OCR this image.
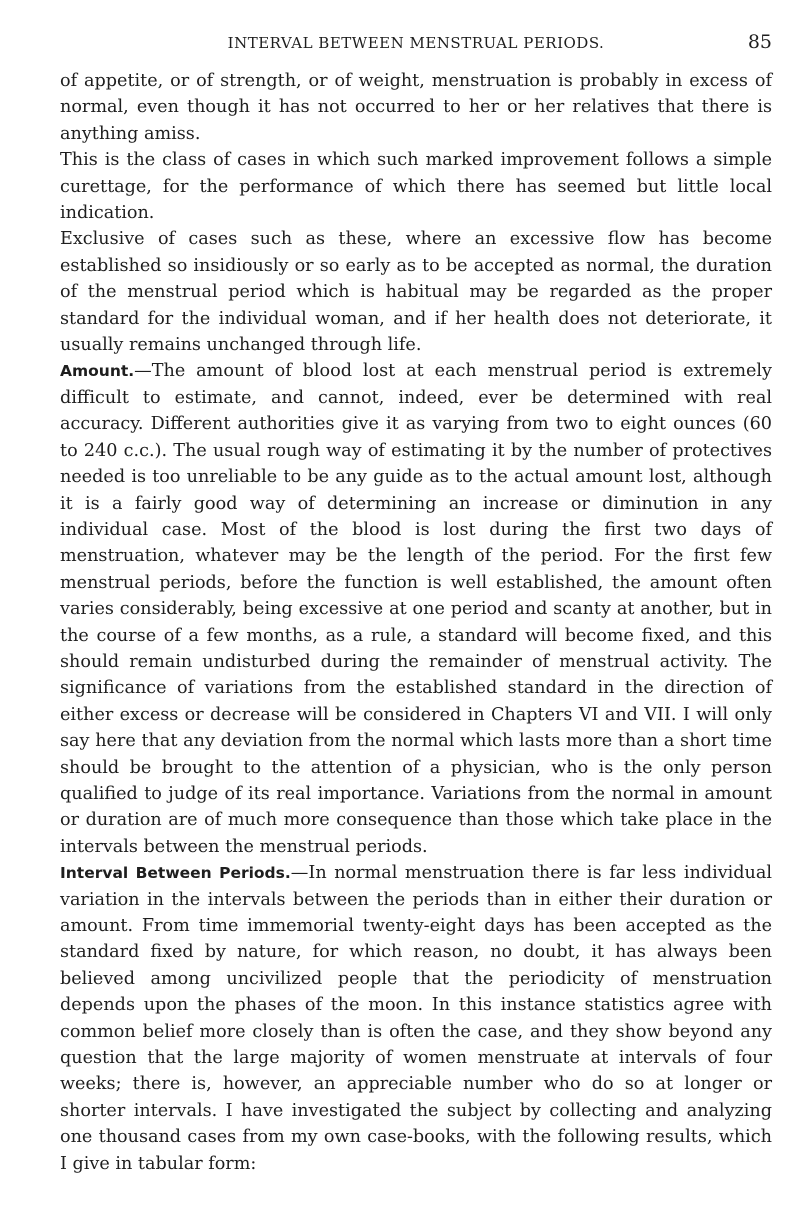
INTERVAL BETWEEN MENSTRUAL PERIODS.	85

of appetite, or of strength, or of weight, menstruation is probably in excess of normal, even though it has not occurred to her or her relatives that there is anything amiss.

This is the class of cases in which such marked improvement follows a simple curettage, for the performance of which there has seemed but little local indication.

Exclusive of cases such as these, where an excessive flow has become established so insidiously or so early as to be accepted as normal, the duration of the menstrual period which is habitual may be regarded as the proper standard for the individual woman, and if her health does not deteriorate, it usually remains unchanged through life.

Amount.—The amount of blood lost at each menstrual period is extremely difficult to estimate, and cannot, indeed, ever be determined with real accuracy. Different authorities give it as varying from two to eight ounces (60 to 240 c.c.). The usual rough way of estimating it by the number of protectives needed is too unreliable to be any guide as to the actual amount lost, although it is a fairly good way of determining an increase or diminution in any individual case. Most of the blood is lost during the first two days of menstruation, whatever may be the length of the period. For the first few menstrual periods, before the function is well established, the amount often varies considerably, being excessive at one period and scanty at another, but in the course of a few months, as a rule, a standard will become fixed, and this should remain undisturbed during the remainder of menstrual activity. The significance of variations from the established standard in the direction of either excess or decrease will be considered in Chapters VI and VII. I will only say here that any deviation from the normal which lasts more than a short time should be brought to the attention of a physician, who is the only person qualified to judge of its real importance. Variations from the normal in amount or duration are of much more consequence than those which take place in the intervals between the menstrual periods.

Interval Between Periods.—In normal menstruation there is far less individual variation in the intervals between the periods than in either their duration or amount. From time immemorial twenty-eight days has been accepted as the standard fixed by nature, for which reason, no doubt, it has always been believed among uncivilized people that the periodicity of menstruation depends upon the phases of the moon. In this instance statistics agree with common belief more closely than is often the case, and they show beyond any question that the large majority of women menstruate at intervals of four weeks; there is, however, an appreciable number who do so at longer or shorter intervals. I have investigated the subject by collecting and analyzing one thousand cases from my own case-books, with the following results, which I give in tabular form:
